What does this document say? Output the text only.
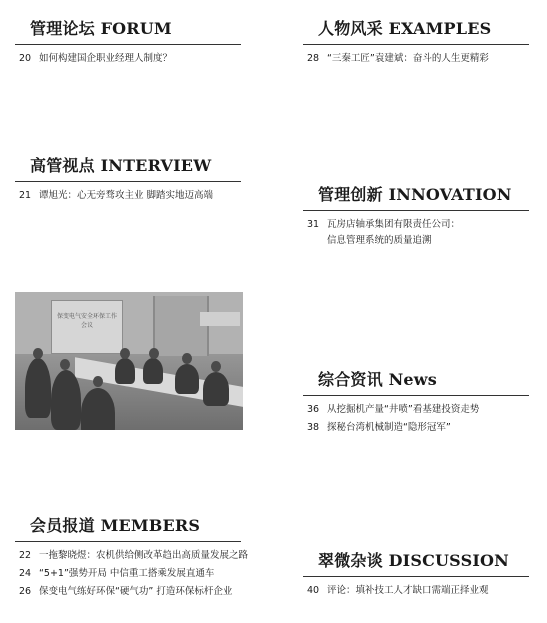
管理论坛 FORUM
20 如何构建国企职业经理人制度？
人物风采 EXAMPLES
28 “三秦工匠”袁建斌：奋斗的人生更精彩
高管视点 INTERVIEW
21 谭旭光：心无旁骛攻主业 脚踏实地迈高端	管理创新 INNOVATION
31 瓦房店轴承集团有限责任公司：
信息管理系统的质量追溯
保变电气安全环保工作会议
综合资讯 News
36 从挖掘机产量“井喷”看基建投资走势
38 探秘台湾机械制造“隐形冠军”
会员报道 MEMBERS
22 一拖黎晓煜：农机供给侧改革趋出高质量发展之路
24 “5+1”强势开局 中信重工搭乘发展直通车
26 保变电气练好环保“硬气功” 打造环保标杆企业
翠微杂谈 DISCUSSION
40 评论：填补技工人才缺口需端正择业观
